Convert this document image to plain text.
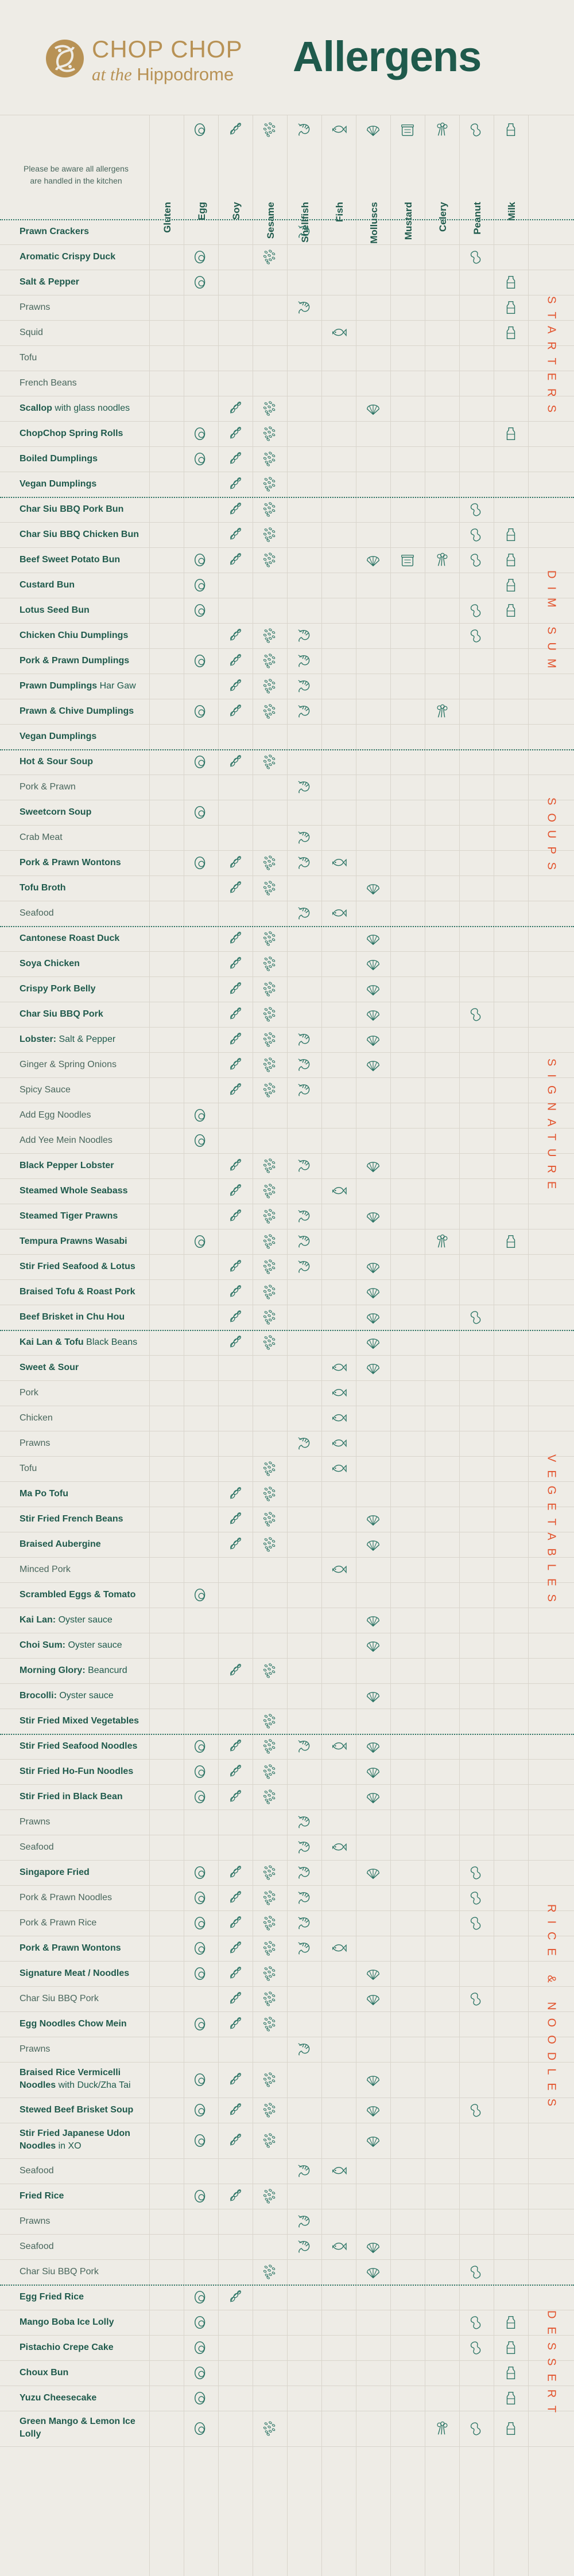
CHOP CHOP
at the Hippodrome Allergens
Please be aware all allergens are handled in the kitchen
Gluten Egg Soy Sesame Shellfish Fish Molluscs Mustard Celery Peanut Milk
Prawn Crackers
Aromatic Crispy Duck
Salt & Pepper
Prawns
Squid
Tofu
French Beans
Scallop with glass noodles
ChopChop Spring Rolls
Boiled Dumplings
Vegan Dumplings
Char Siu BBQ Pork Bun
Char Siu BBQ Chicken Bun
Beef Sweet Potato Bun
Custard Bun
Lotus Seed Bun
Chicken Chiu Dumplings
Pork & Prawn Dumplings
Prawn Dumplings Har Gaw
Prawn & Chive Dumplings
Vegan Dumplings
Hot & Sour Soup
Pork & Prawn
Sweetcorn Soup
Crab Meat
Pork & Prawn Wontons
Tofu Broth
Seafood
Cantonese Roast Duck
Soya Chicken
Crispy Pork Belly
Char Siu BBQ Pork
Lobster: Salt & Pepper
Ginger & Spring Onions
Spicy Sauce
Add Egg Noodles
Add Yee Mein Noodles
Black Pepper Lobster
Steamed Whole Seabass
Steamed Tiger Prawns
Tempura Prawns Wasabi
Stir Fried Seafood & Lotus
Braised Tofu & Roast Pork
Beef Brisket in Chu Hou
Kai Lan & Tofu Black Beans
Sweet & Sour
Pork
Chicken
Prawns
Tofu
Ma Po Tofu
Stir Fried French Beans
Braised Aubergine
Minced Pork
Scrambled Eggs & Tomato
Kai Lan: Oyster sauce
Choi Sum: Oyster sauce
Morning Glory: Beancurd
Brocolli: Oyster sauce
Stir Fried Mixed Vegetables
Stir Fried Seafood Noodles
Stir Fried Ho-Fun Noodles
Stir Fried in Black Bean
Prawns
Seafood
Singapore Fried
Pork & Prawn Noodles
Pork & Prawn Rice
Pork & Prawn Wontons
Signature Meat / Noodles
Char Siu BBQ Pork
Egg Noodles Chow Mein
Prawns
Braised Rice Vermicelli Noodles with Duck/Zha Tai
Stewed Beef Brisket Soup
Stir Fried Japanese Udon Noodles in XO
Seafood
Fried Rice
Prawns
Seafood
Char Siu BBQ Pork
Egg Fried Rice
Mango Boba Ice Lolly
Pistachio Crepe Cake
Choux Bun
Yuzu Cheesecake
Green Mango & Lemon Ice Lolly
STARTERS
DIM SUM
SOUPS
SIGNATURE
VEGETABLES
RICE & NOODLES
DESSERT
